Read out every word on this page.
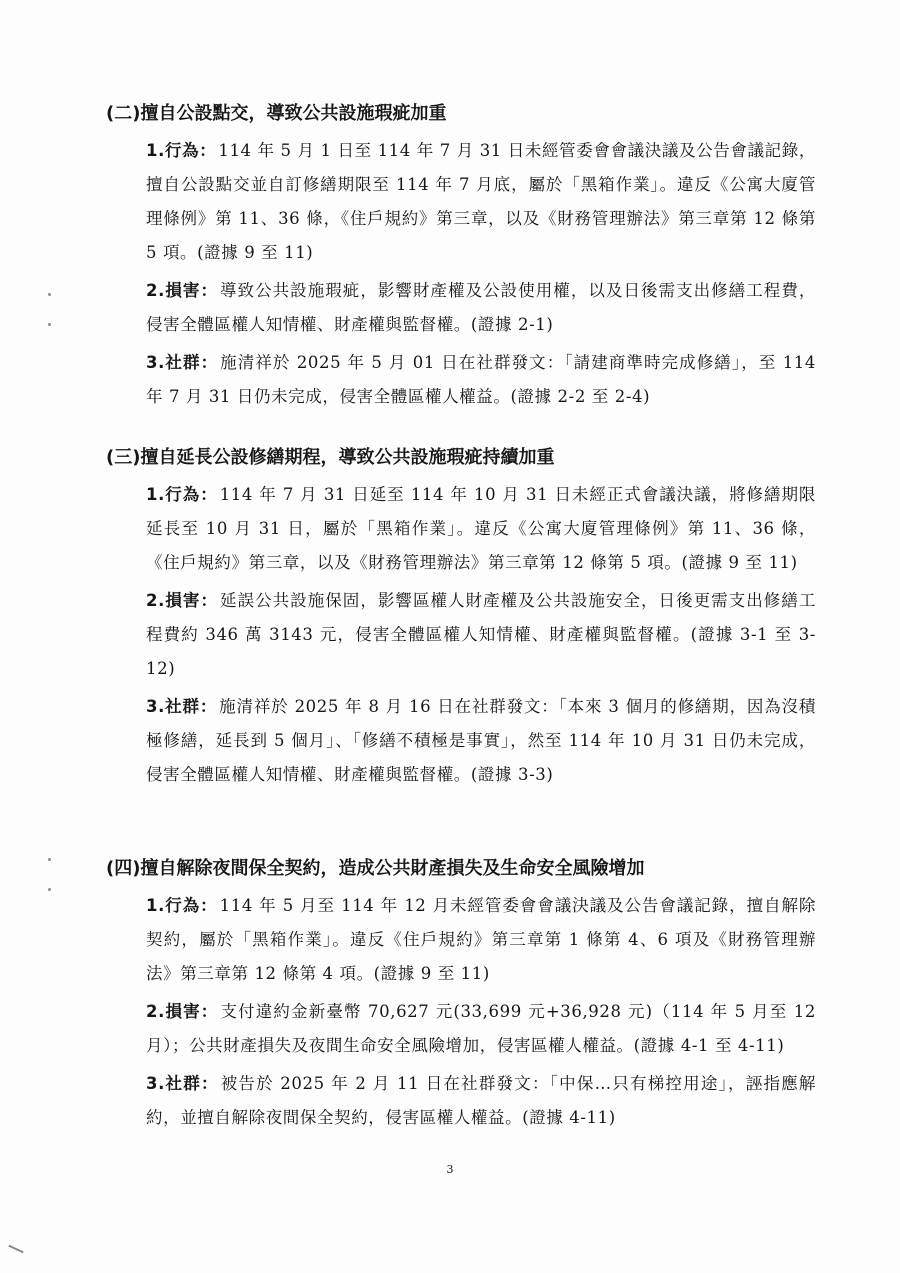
(二)擅自公設點交，導致公共設施瑕疵加重

1.行為： 114 年 5 月 1 日至 114 年 7 月 31 日未經管委會會議決議及公告會議記錄，擅自公設點交並自訂修繕期限至 114 年 7 月底，屬於「黑箱作業」。違反《公寓大廈管理條例》第 11、36 條，《住戶規約》第三章，以及《財務管理辦法》第三章第 12 條第 5 項。(證據 9 至 11)

2.損害： 導致公共設施瑕疵，影響財產權及公設使用權，以及日後需支出修繕工程費，侵害全體區權人知情權、財產權與監督權。(證據 2-1)

3.社群： 施清祥於 2025 年 5 月 01 日在社群發文：「請建商準時完成修繕」，至 114 年 7 月 31 日仍未完成，侵害全體區權人權益。(證據 2-2 至 2-4)

(三)擅自延長公設修繕期程，導致公共設施瑕疵持續加重

1.行為： 114 年 7 月 31 日延至 114 年 10 月 31 日未經正式會議決議，將修繕期限延長至 10 月 31 日，屬於「黑箱作業」。違反《公寓大廈管理條例》第 11、36 條，《住戶規約》第三章，以及《財務管理辦法》第三章第 12 條第 5 項。(證據 9 至 11)

2.損害： 延誤公共設施保固，影響區權人財產權及公共設施安全，日後更需支出修繕工程費約 346 萬 3143 元，侵害全體區權人知情權、財產權與監督權。(證據 3-1 至 3-12)

3.社群： 施清祥於 2025 年 8 月 16 日在社群發文：「本來 3 個月的修繕期，因為沒積極修繕，延長到 5 個月」、「修繕不積極是事實」，然至 114 年 10 月 31 日仍未完成，侵害全體區權人知情權、財產權與監督權。(證據 3-3)

(四)擅自解除夜間保全契約，造成公共財產損失及生命安全風險增加

1.行為： 114 年 5 月至 114 年 12 月未經管委會會議決議及公告會議記錄，擅自解除契約，屬於「黑箱作業」。違反《住戶規約》第三章第 1 條第 4、6 項及《財務管理辦法》第三章第 12 條第 4 項。(證據 9 至 11)

2.損害： 支付違約金新臺幣 70,627 元(33,699 元+36,928 元)（114 年 5 月至 12 月）；公共財產損失及夜間生命安全風險增加，侵害區權人權益。(證據 4-1 至 4-11)

3.社群： 被告於 2025 年 2 月 11 日在社群發文：「中保…只有梯控用途」，誣指應解約，並擅自解除夜間保全契約，侵害區權人權益。(證據 4-11)

3
